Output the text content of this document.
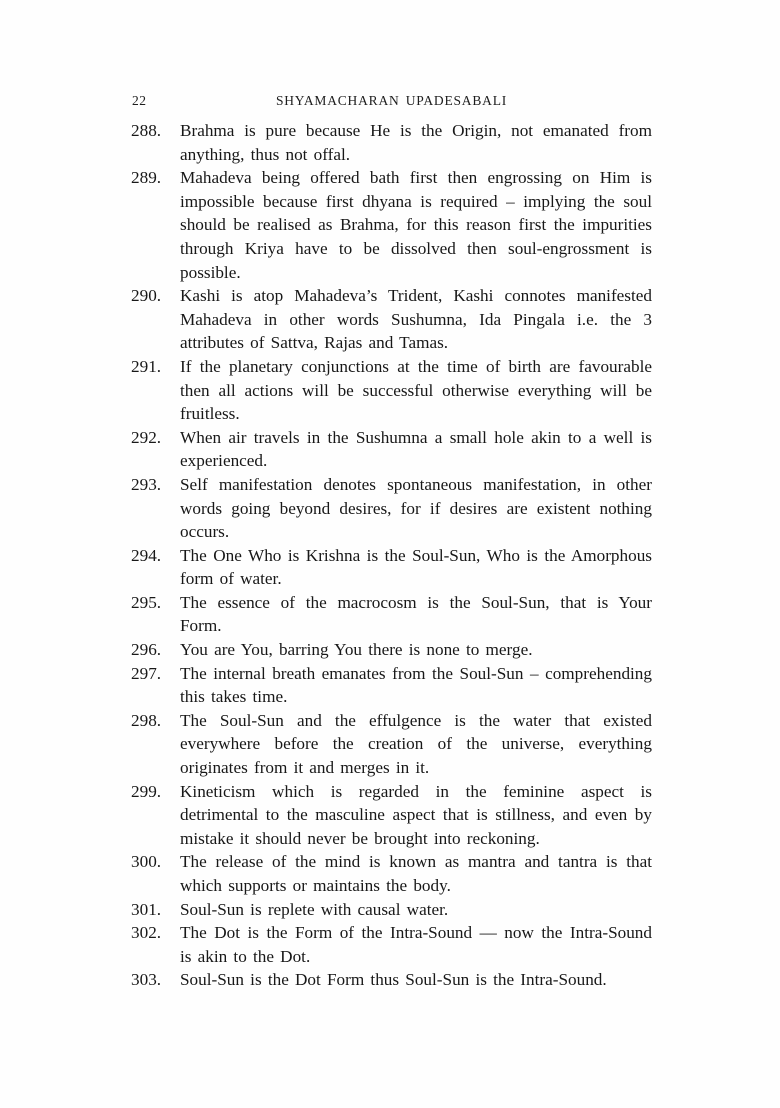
22	SHYAMACHARAN UPADESABALI
288.	Brahma is pure because He is the Origin, not emanated from anything, thus not offal.
289.	Mahadeva being offered bath first then engrossing on Him is impossible because first dhyana is required – implying the soul should be realised as Brahma, for this reason first the impurities through Kriya have to be dissolved then soul-engrossment is possible.
290.	Kashi is atop Mahadeva’s Trident, Kashi connotes manifested Mahadeva in other words Sushumna, Ida Pingala i.e. the 3 attributes of Sattva, Rajas and Tamas.
291.	If the planetary conjunctions at the time of birth are favourable then all actions will be successful otherwise everything will be fruitless.
292.	When air travels in the Sushumna a small hole akin to a well is experienced.
293.	Self manifestation denotes spontaneous manifestation, in other words going beyond desires, for if desires are existent nothing occurs.
294.	The One Who is Krishna is the Soul-Sun, Who is the Amorphous form of water.
295.	The essence of the macrocosm is the Soul-Sun, that is Your Form.
296.	You are You, barring You there is none to merge.
297.	The internal breath emanates from the Soul-Sun – comprehending this takes time.
298.	The Soul-Sun and the effulgence is the water that existed everywhere before the creation of the universe, everything originates from it and merges in it.
299.	Kineticism which is regarded in the feminine aspect is detrimental to the masculine aspect that is stillness, and even by mistake it should never be brought into reckoning.
300.	The release of the mind is known as mantra and tantra is that which supports or maintains the body.
301.	Soul-Sun is replete with causal water.
302.	The Dot is the Form of the Intra-Sound — now the Intra-Sound is akin to the Dot.
303.	Soul-Sun is the Dot Form thus Soul-Sun is the Intra-Sound.
